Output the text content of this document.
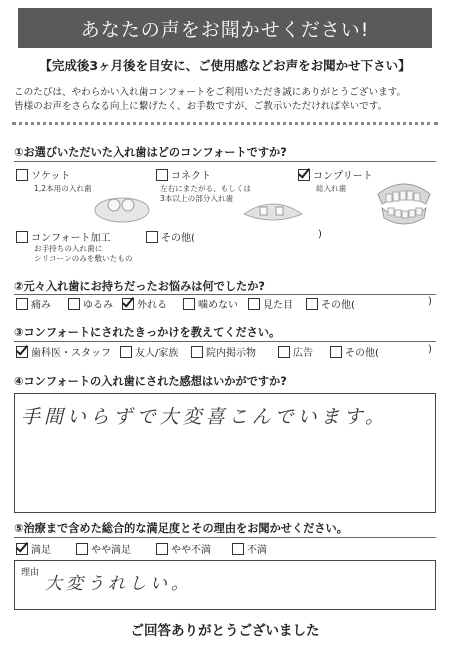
あなたの声をお聞かせください!
【完成後3ヶ月後を目安に、ご使用感などお声をお聞かせ下さい】
このたびは、やわらかい入れ歯コンフォートをご利用いただき誠にありがとうございます。
皆様のお声をさらなる向上に繋げたく、お手数ですが、ご教示いただければ幸いです。
①お選びいただいた入れ歯はどのコンフォートですか?
ソケット
1,2本用の入れ歯
コネクト
左右にまたがる、もしくは
3本以上の部分入れ歯
コンプリート
総入れ歯
コンフォート加工
お手持ちの入れ歯に
シリコーンのみを敷いたもの
その他(	)
②元々入れ歯にお持ちだったお悩みは何でしたか?
痛み	ゆるみ 外れる	噛めない	見た目	その他(	)
③コンフォートにされたきっかけを教えてください。
歯科医・スタッフ 友人/家族	院内掲示物	広告	その他(	)
④コンフォートの入れ歯にされた感想はいかがですか?
手間いらずで大変喜こんでいます。
⑤治療まで含めた総合的な満足度とその理由をお聞かせください。
満足	やや満足	やや不満	不満
理由
大変うれしい。
ご回答ありがとうございました
